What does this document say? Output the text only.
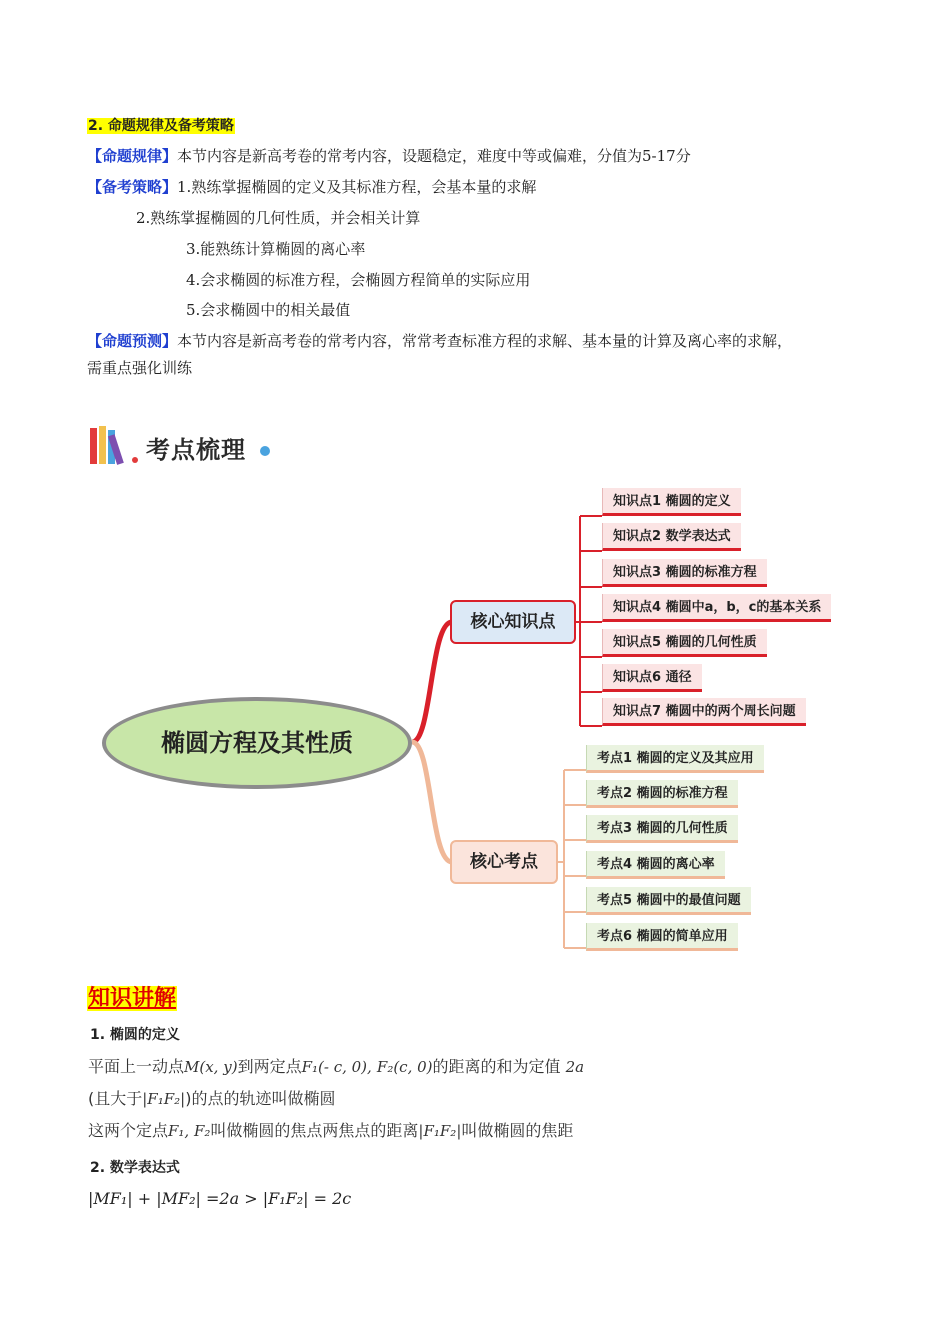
2. 命题规律及备考策略
【命题规律】本节内容是新高考卷的常考内容，设题稳定，难度中等或偏难，分值为5-17分
【备考策略】1.熟练掌握椭圆的定义及其标准方程，会基本量的求解
2.熟练掌握椭圆的几何性质，并会相关计算
3.能熟练计算椭圆的离心率
4.会求椭圆的标准方程，会椭圆方程简单的实际应用
5.会求椭圆中的相关最值
【命题预测】本节内容是新高考卷的常考内容，常常考查标准方程的求解、基本量的计算及离心率的求解，
需重点强化训练
考点梳理
椭圆方程及其性质
核心知识点
核心考点
知识点1 椭圆的定义
知识点2 数学表达式
知识点3 椭圆的标准方程
知识点4 椭圆中a，b，c的基本关系
知识点5 椭圆的几何性质
知识点6 通径
知识点7 椭圆中的两个周长问题
考点1 椭圆的定义及其应用
考点2 椭圆的标准方程
考点3 椭圆的几何性质
考点4 椭圆的离心率
考点5 椭圆中的最值问题
考点6 椭圆的简单应用
知识讲解
1. 椭圆的定义
平面上一动点M(x, y)到两定点F₁(- c, 0), F₂(c, 0)的距离的和为定值 2a
(且大于|F₁F₂|)的点的轨迹叫做椭圆
这两个定点F₁, F₂叫做椭圆的焦点两焦点的距离|F₁F₂|叫做椭圆的焦距
2. 数学表达式
|MF₁| + |MF₂| =2a > |F₁F₂| = 2c
